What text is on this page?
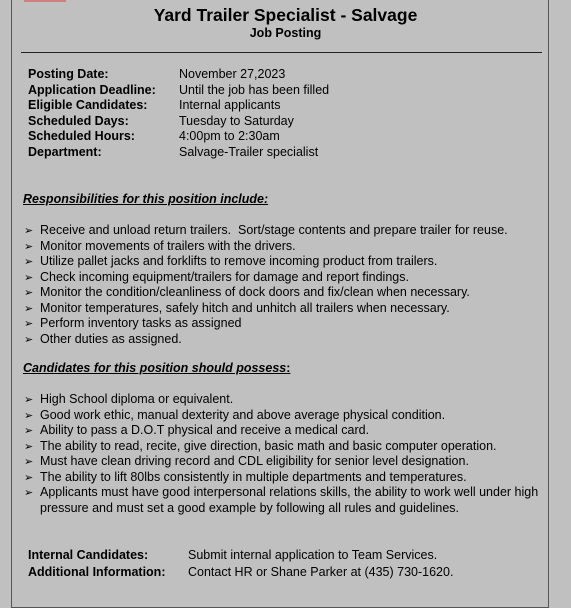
Yard Trailer Specialist - Salvage
Job Posting
Posting Date:	November 27,2023
Application Deadline: Until the job has been filled
Eligible Candidates:	Internal applicants
Scheduled Days:	Tuesday to Saturday
Scheduled Hours:	4:00pm to 2:30am
Department:	Salvage-Trailer specialist
Responsibilities for this position include:
➢ Receive and unload return trailers.  Sort/stage contents and prepare trailer for reuse.
➢ Monitor movements of trailers with the drivers.
➢ Utilize pallet jacks and forklifts to remove incoming product from trailers.
➢ Check incoming equipment/trailers for damage and report findings.
➢ Monitor the condition/cleanliness of dock doors and fix/clean when necessary.
➢ Monitor temperatures, safely hitch and unhitch all trailers when necessary.
➢ Perform inventory tasks as assigned
➢ Other duties as assigned.
Candidates for this position should possess:
➢ High School diploma or equivalent.
➢ Good work ethic, manual dexterity and above average physical condition.
➢ Ability to pass a D.O.T physical and receive a medical card.
➢ The ability to read, recite, give direction, basic math and basic computer operation.
➢ Must have clean driving record and CDL eligibility for senior level designation.
➢ The ability to lift 80lbs consistently in multiple departments and temperatures.
➢ Applicants must have good interpersonal relations skills, the ability to work well under high pressure and must set a good example by following all rules and guidelines.
Internal Candidates:	Submit internal application to Team Services.
Additional Information: Contact HR or Shane Parker at (435) 730-1620.
